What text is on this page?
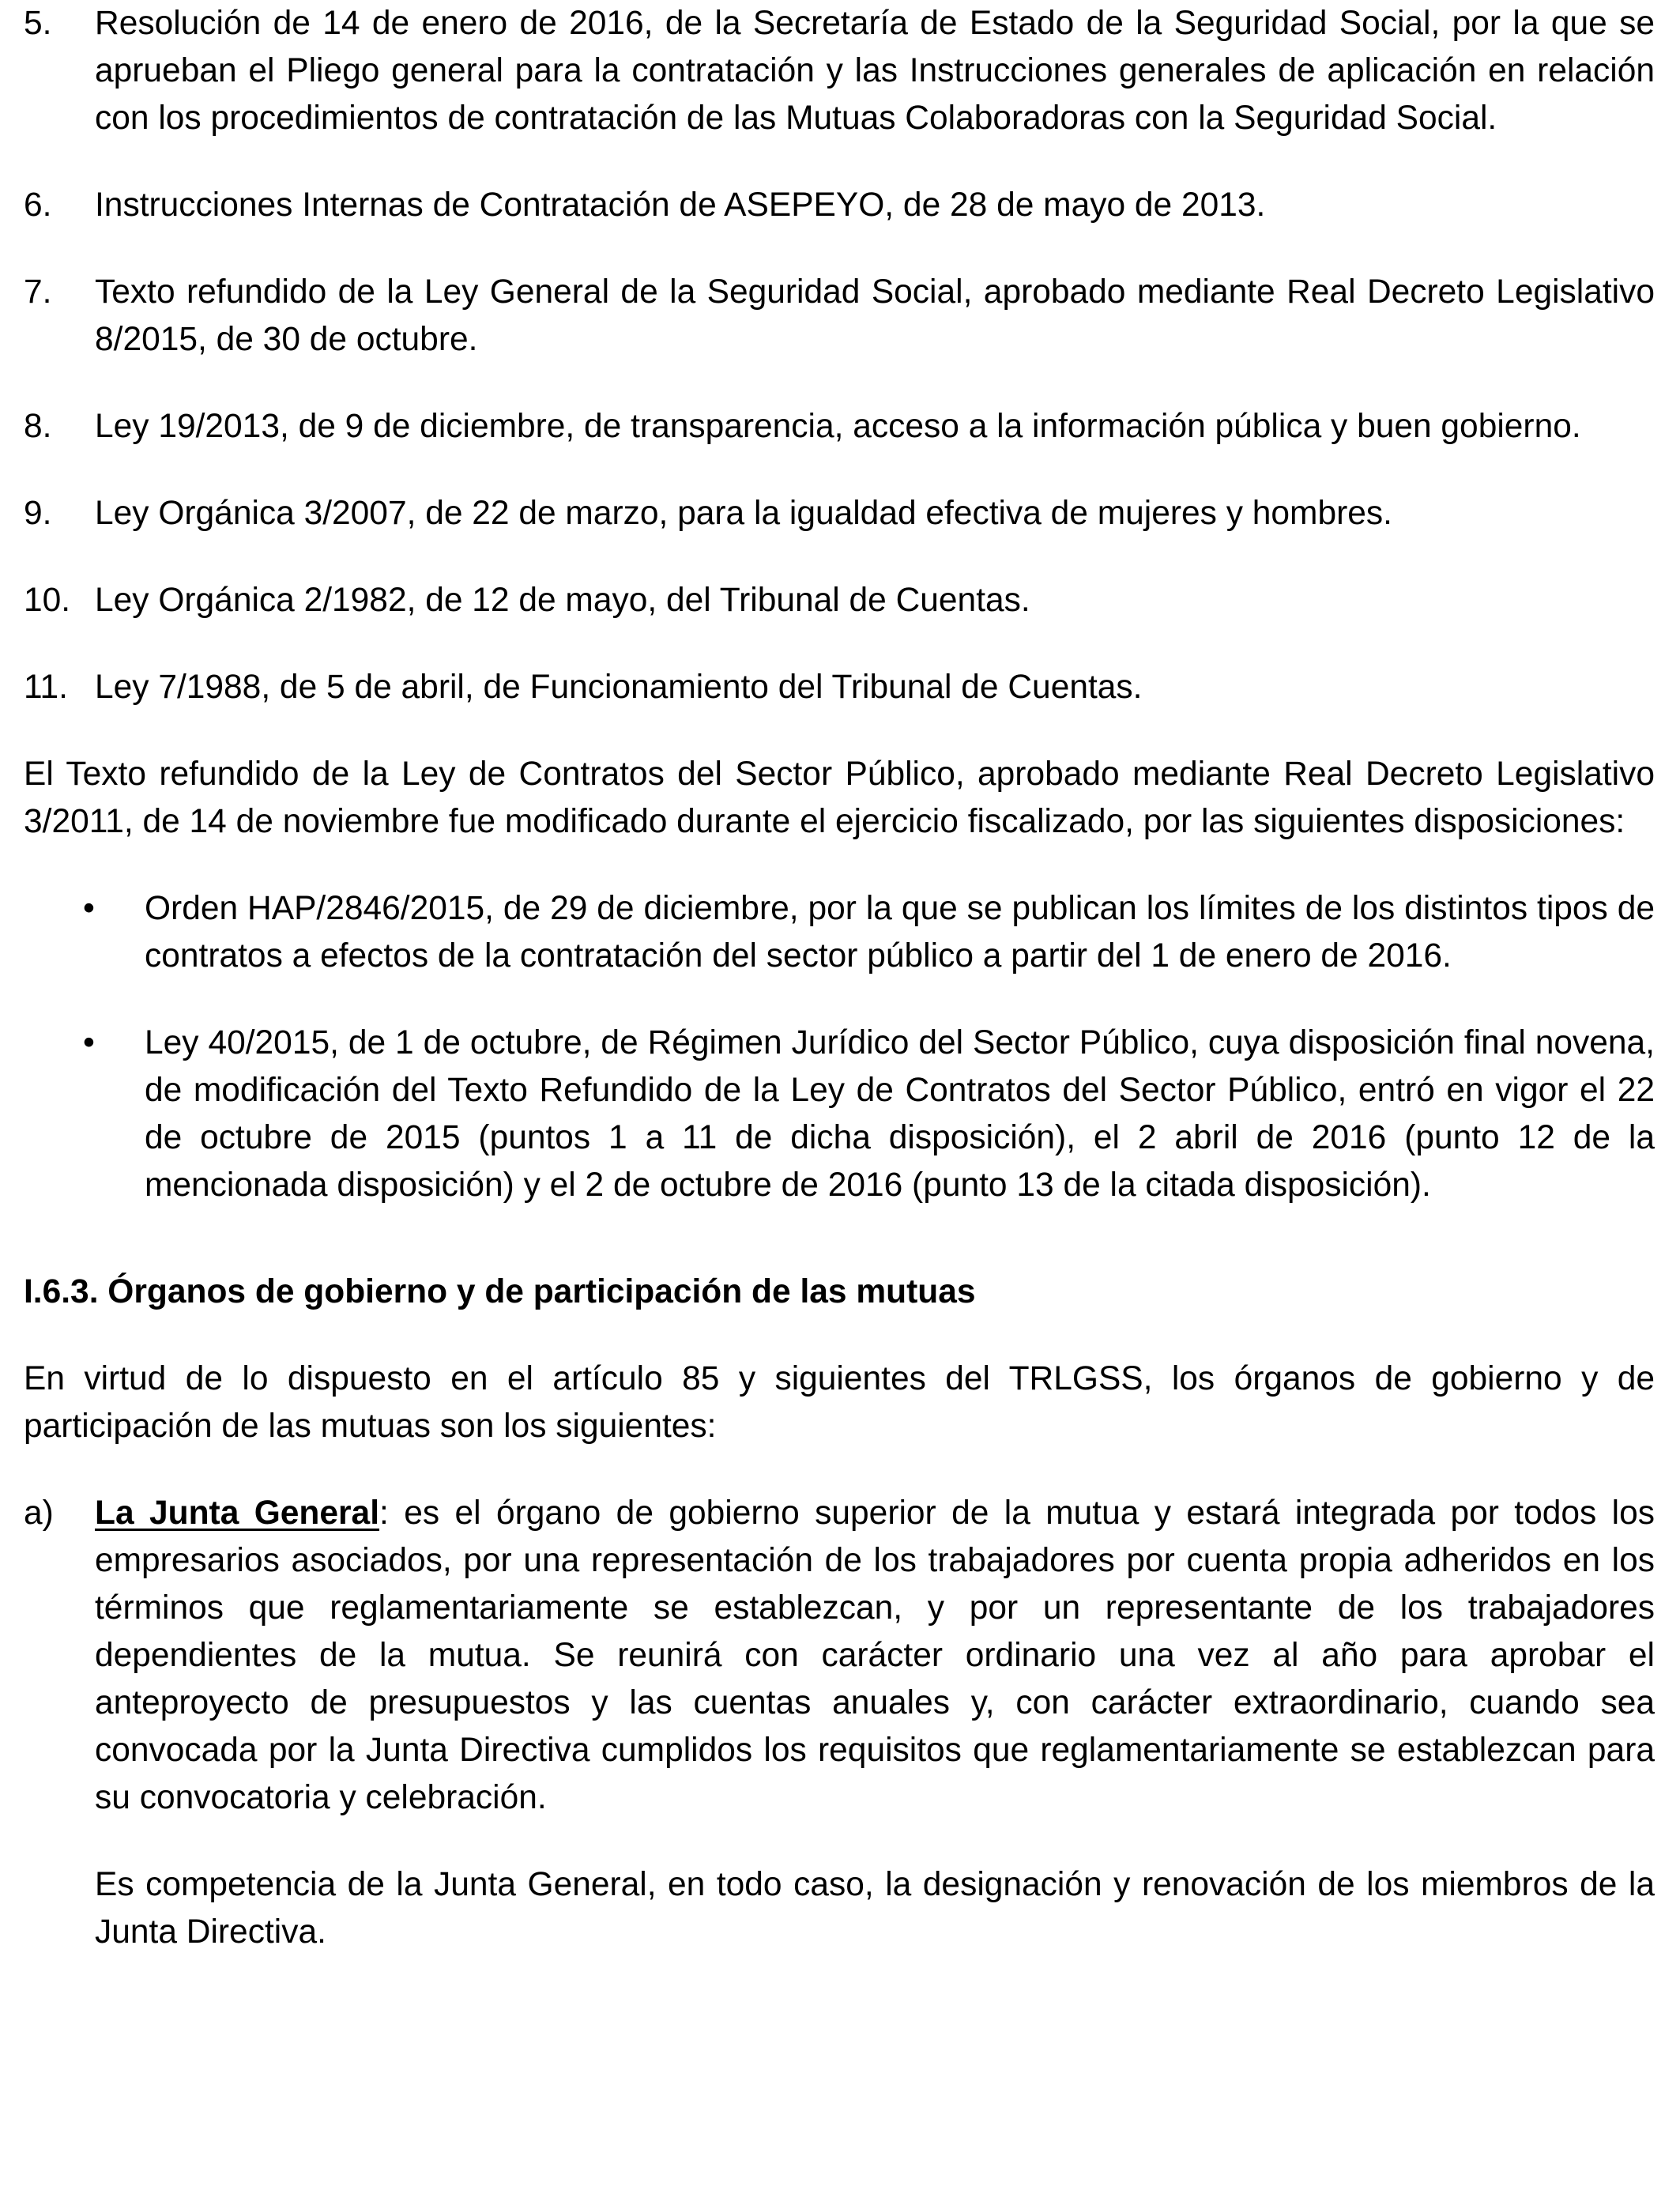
5. Resolución de 14 de enero de 2016, de la Secretaría de Estado de la Seguridad Social, por la que se aprueban el Pliego general para la contratación y las Instrucciones generales de aplicación en relación con los procedimientos de contratación de las Mutuas Colaboradoras con la Seguridad Social.
6. Instrucciones Internas de Contratación de ASEPEYO, de 28 de mayo de 2013.
7. Texto refundido de la Ley General de la Seguridad Social, aprobado mediante Real Decreto Legislativo 8/2015, de 30 de octubre.
8. Ley 19/2013, de 9 de diciembre, de transparencia, acceso a la información pública y buen gobierno.
9. Ley Orgánica 3/2007, de 22 de marzo, para la igualdad efectiva de mujeres y hombres.
10. Ley Orgánica 2/1982, de 12 de mayo, del Tribunal de Cuentas.
11. Ley 7/1988, de 5 de abril, de Funcionamiento del Tribunal de Cuentas.

El Texto refundido de la Ley de Contratos del Sector Público, aprobado mediante Real Decreto Legislativo 3/2011, de 14 de noviembre fue modificado durante el ejercicio fiscalizado, por las siguientes disposiciones:

• Orden HAP/2846/2015, de 29 de diciembre, por la que se publican los límites de los distintos tipos de contratos a efectos de la contratación del sector público a partir del 1 de enero de 2016.
• Ley 40/2015, de 1 de octubre, de Régimen Jurídico del Sector Público, cuya disposición final novena, de modificación del Texto Refundido de la Ley de Contratos del Sector Público, entró en vigor el 22 de octubre de 2015 (puntos 1 a 11 de dicha disposición), el 2 abril de 2016 (punto 12 de la mencionada disposición) y el 2 de octubre de 2016 (punto 13 de la citada disposición).

I.6.3. Órganos de gobierno y de participación de las mutuas

En virtud de lo dispuesto en el artículo 85 y siguientes del TRLGSS, los órganos de gobierno y de participación de las mutuas son los siguientes:

a) La Junta General: es el órgano de gobierno superior de la mutua y estará integrada por todos los empresarios asociados, por una representación de los trabajadores por cuenta propia adheridos en los términos que reglamentariamente se establezcan, y por un representante de los trabajadores dependientes de la mutua. Se reunirá con carácter ordinario una vez al año para aprobar el anteproyecto de presupuestos y las cuentas anuales y, con carácter extraordinario, cuando sea convocada por la Junta Directiva cumplidos los requisitos que reglamentariamente se establezcan para su convocatoria y celebración.

Es competencia de la Junta General, en todo caso, la designación y renovación de los miembros de la Junta Directiva.
